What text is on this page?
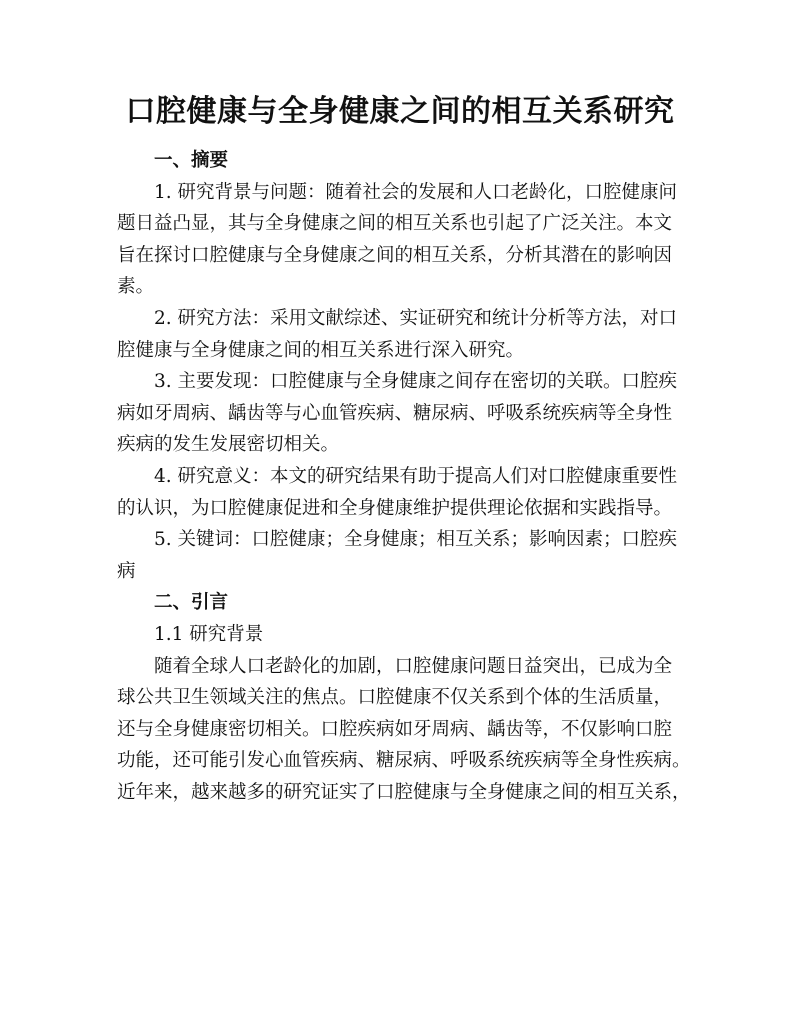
口腔健康与全身健康之间的相互关系研究
一、摘要
1. 研究背景与问题：随着社会的发展和人口老龄化，口腔健康问
题日益凸显，其与全身健康之间的相互关系也引起了广泛关注。本文
旨在探讨口腔健康与全身健康之间的相互关系，分析其潜在的影响因
素。
2. 研究方法：采用文献综述、实证研究和统计分析等方法，对口
腔健康与全身健康之间的相互关系进行深入研究。
3. 主要发现：口腔健康与全身健康之间存在密切的关联。口腔疾
病如牙周病、龋齿等与心血管疾病、糖尿病、呼吸系统疾病等全身性
疾病的发生发展密切相关。
4. 研究意义：本文的研究结果有助于提高人们对口腔健康重要性
的认识，为口腔健康促进和全身健康维护提供理论依据和实践指导。
5. 关键词：口腔健康；全身健康；相互关系；影响因素；口腔疾
病
二、引言
1.1 研究背景
随着全球人口老龄化的加剧，口腔健康问题日益突出，已成为全
球公共卫生领域关注的焦点。口腔健康不仅关系到个体的生活质量，
还与全身健康密切相关。口腔疾病如牙周病、龋齿等，不仅影响口腔
功能，还可能引发心血管疾病、糖尿病、呼吸系统疾病等全身性疾病。
近年来，越来越多的研究证实了口腔健康与全身健康之间的相互关系，
